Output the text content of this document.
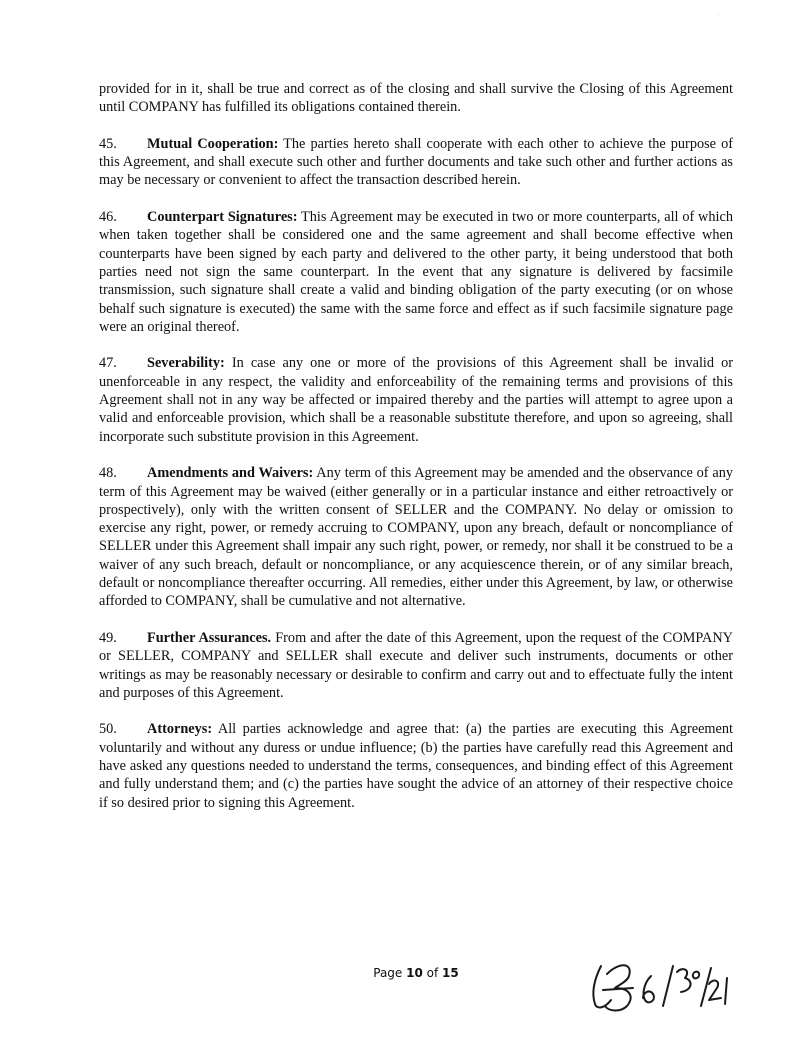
·

provided for in it, shall be true and correct as of the closing and shall survive the Closing of this Agreement until COMPANY has fulfilled its obligations contained therein.

45. Mutual Cooperation: The parties hereto shall cooperate with each other to achieve the purpose of this Agreement, and shall execute such other and further documents and take such other and further actions as may be necessary or convenient to affect the transaction described herein.

46. Counterpart Signatures: This Agreement may be executed in two or more counterparts, all of which when taken together shall be considered one and the same agreement and shall become effective when counterparts have been signed by each party and delivered to the other party, it being understood that both parties need not sign the same counterpart. In the event that any signature is delivered by facsimile transmission, such signature shall create a valid and binding obligation of the party executing (or on whose behalf such signature is executed) the same with the same force and effect as if such facsimile signature page were an original thereof.

47. Severability: In case any one or more of the provisions of this Agreement shall be invalid or unenforceable in any respect, the validity and enforceability of the remaining terms and provisions of this Agreement shall not in any way be affected or impaired thereby and the parties will attempt to agree upon a valid and enforceable provision, which shall be a reasonable substitute therefore, and upon so agreeing, shall incorporate such substitute provision in this Agreement.

48. Amendments and Waivers: Any term of this Agreement may be amended and the observance of any term of this Agreement may be waived (either generally or in a particular instance and either retroactively or prospectively), only with the written consent of SELLER and the COMPANY. No delay or omission to exercise any right, power, or remedy accruing to COMPANY, upon any breach, default or noncompliance of SELLER under this Agreement shall impair any such right, power, or remedy, nor shall it be construed to be a waiver of any such breach, default or noncompliance, or any acquiescence therein, or of any similar breach, default or noncompliance thereafter occurring. All remedies, either under this Agreement, by law, or otherwise afforded to COMPANY, shall be cumulative and not alternative.

49. Further Assurances. From and after the date of this Agreement, upon the request of the COMPANY or SELLER, COMPANY and SELLER shall execute and deliver such instruments, documents or other writings as may be reasonably necessary or desirable to confirm and carry out and to effectuate fully the intent and purposes of this Agreement.

50. Attorneys: All parties acknowledge and agree that: (a) the parties are executing this Agreement voluntarily and without any duress or undue influence; (b) the parties have carefully read this Agreement and have asked any questions needed to understand the terms, consequences, and binding effect of this Agreement and fully understand them; and (c) the parties have sought the advice of an attorney of their respective choice if so desired prior to signing this Agreement.

Page 10 of 15
